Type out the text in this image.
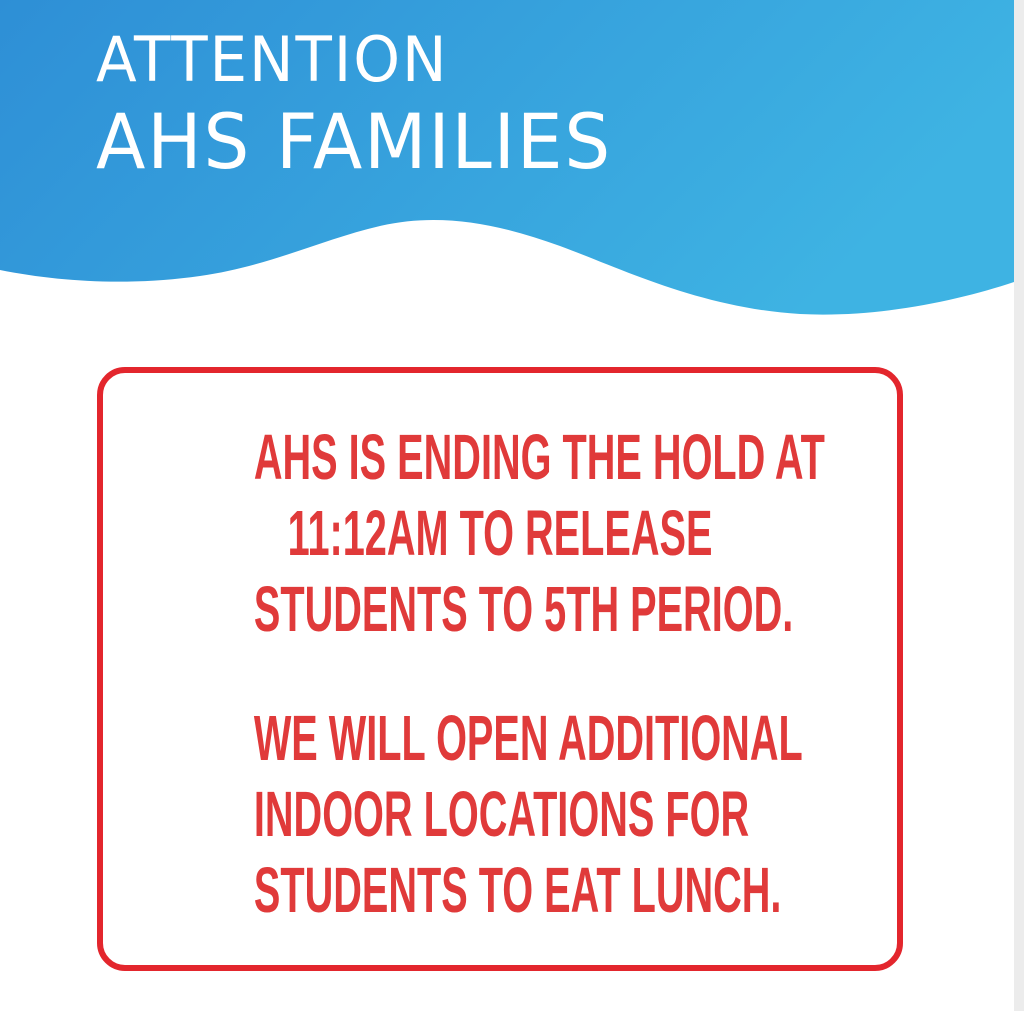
ATTENTION
AHS FAMILIES

AHS IS ENDING THE HOLD AT
11:12AM TO RELEASE
STUDENTS TO 5TH PERIOD.

WE WILL OPEN ADDITIONAL
INDOOR LOCATIONS FOR
STUDENTS TO EAT LUNCH.
